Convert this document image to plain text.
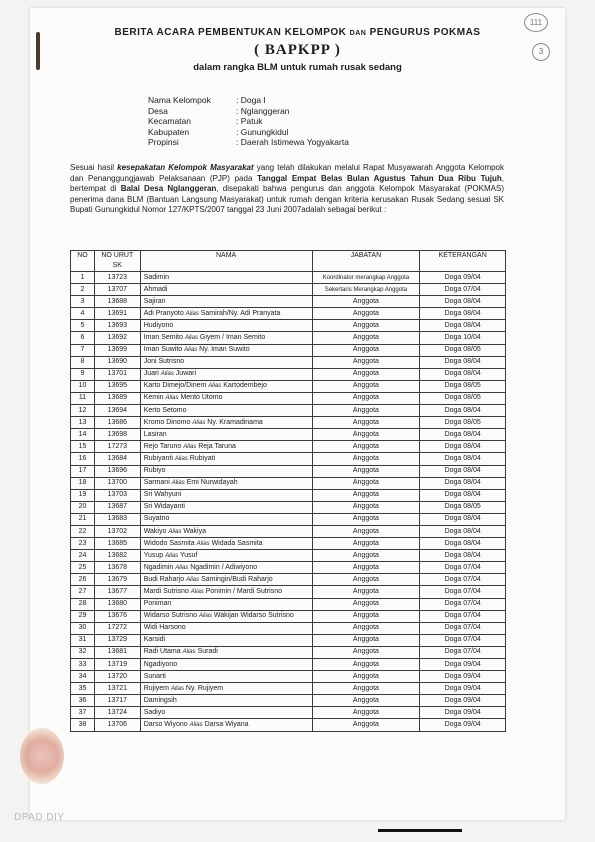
111
3
BERITA ACARA PEMBENTUKAN KELOMPOK DAN PENGURUS POKMAS
( BAPKPP )
dalam rangka BLM untuk rumah rusak sedang
Nama Kelompok	: Doga I
Desa	: Nglanggeran
Kecamatan	: Patuk
Kabupaten	: Gunungkidul
Propinsi	: Daerah Istimewa Yogyakarta
Sesuai hasil kesepakatan Kelompok Masyarakat yang telah dilakukan melalui Rapat Musyawarah Anggota Kelompok dan Penanggungjawab Pelaksanaan (PJP) pada Tanggal Empat Belas Bulan Agustus Tahun Dua Ribu Tujuh, bertempat di Balai Desa Nglanggeran, disepakati bahwa pengurus dan anggota Kelompok Masyarakat (POKMAS) penerima dana BLM (Bantuan Langsung Masyarakat) untuk rumah dengan kriteria kerusakan Rusak Sedang sesuai SK Bupati Gunungkidul Nomor 127/KPTS/2007 tanggal 23 Juni 2007adalah sebagai berikut :
NO	NO URUT SK	NAMA	JABATAN	KETERANGAN
1	13723	Sadimin	Koordinator merangkap Anggota	Doga 09/04
2	13707	Ahmadi	Sekertaris Merangkap Anggota	Doga 07/04
3	13688	Sajiran	Anggota	Doga 08/04
4	13691	Adi Pranyoto Alias Samirah/Ny. Adi Pranyata	Anggota	Doga 08/04
5	13693	Hudiyono	Anggota	Doga 08/04
6	13692	Iman Semito Alias Giyem / Iman Semito	Anggota	Doga 10/04
7	13699	Iman Suwito Alias Ny. Iman Suwito	Anggota	Doga 08/05
8	13690	Joni Sutrisno	Anggota	Doga 08/04
9	13701	Juari Alias Juwari	Anggota	Doga 08/04
10	13695	Karto Dimejo/Dinem Alias Kartodembejo	Anggota	Doga 08/05
11	13689	Kemin Alias Mento Utomo	Anggota	Doga 08/05
12	13694	Kerto Setomo	Anggota	Doga 08/04
13	13686	Kromo Dinomo Alias Ny. Kramadinama	Anggota	Doga 08/05
14	13698	Lasiran	Anggota	Doga 08/04
15	17273	Rejo Taruno Alias Reja Taruna	Anggota	Doga 08/04
16	13684	Rubiyanti Alias Rubiyati	Anggota	Doga 08/04
17	13696	Rubiyo	Anggota	Doga 08/04
18	13700	Sarmani Alias Emi Nurwidayah	Anggota	Doga 08/04
19	13703	Sri Wahyuni	Anggota	Doga 08/04
20	13687	Sri Widayanti	Anggota	Doga 08/05
21	13683	Suyatno	Anggota	Doga 08/04
22	13702	Wakiyo Alias Wakiya	Anggota	Doga 08/04
23	13685	Widodo Sasmita Alias Widada Sasmita	Anggota	Doga 08/04
24	13682	Yusup Alias Yusuf	Anggota	Doga 08/04
25	13678	Ngadimin Alias Ngadimin / Adiwiyono	Anggota	Doga 07/04
26	13679	Budi Raharjo Alias Samingin/Budi Raharjo	Anggota	Doga 07/04
27	13677	Mardi Sutrisno Alias Ponimin / Mardi Sutrisno	Anggota	Doga 07/04
28	13680	Poniman	Anggota	Doga 07/04
29	13676	Widarso Sutrisno Alias Wakijan Widarso Sutrisno	Anggota	Doga 07/04
30	17272	Widi Harsono	Anggota	Doga 07/04
31	13729	Karsidi	Anggota	Doga 07/04
32	13681	Radi Utama Alias Suradi	Anggota	Doga 07/04
33	13719	Ngadiyono	Anggota	Doga 09/04
34	13720	Sunarti	Anggota	Doga 09/04
35	13721	Rujiyem Alias Ny. Rujiyem	Anggota	Doga 09/04
36	13717	Damingsih	Anggota	Doga 09/04
37	13724	Sadiyo	Anggota	Doga 09/04
38	13706	Darso Wiyono Alias Darsa Wiyana	Anggota	Doga 09/04
DPAD DIY
